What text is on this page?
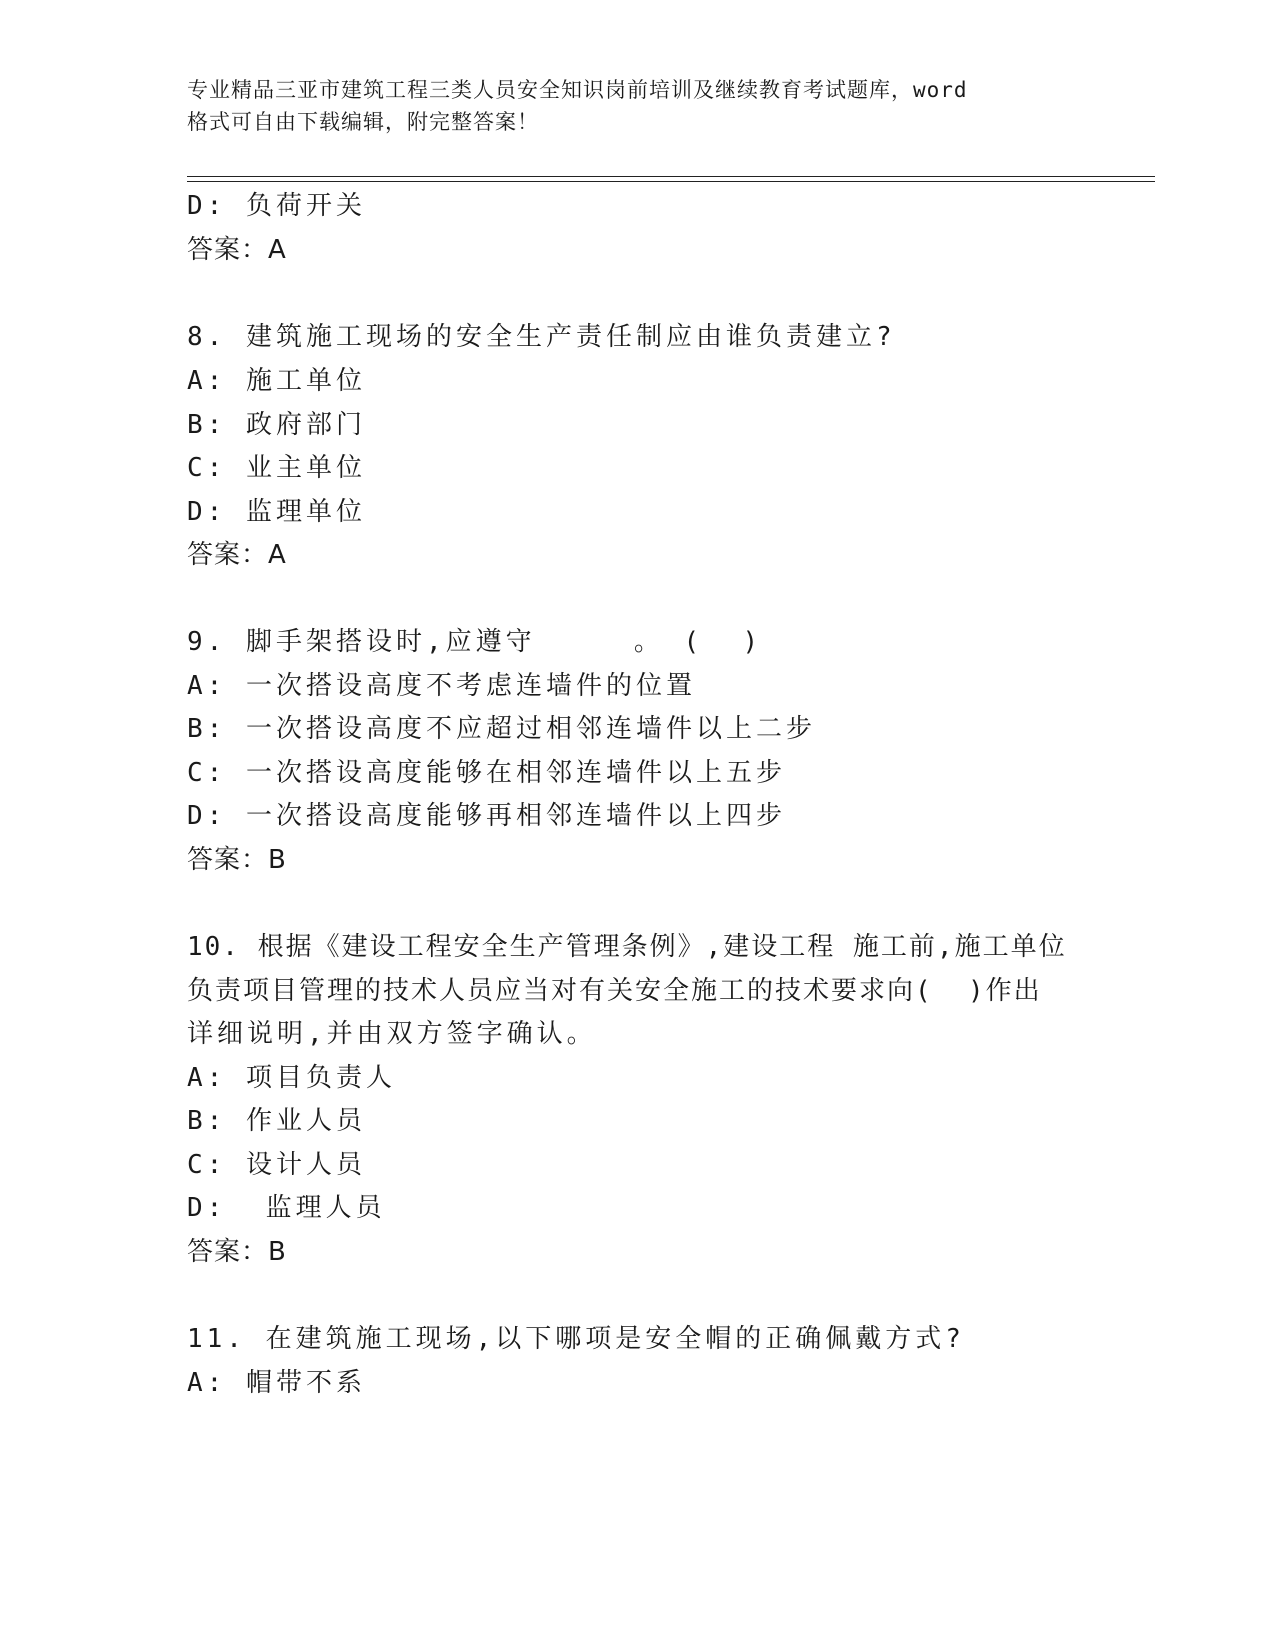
专业精品三亚市建筑工程三类人员安全知识岗前培训及继续教育考试题库，word
格式可自由下载编辑，附完整答案！
D: 负荷开关
答案：A
8. 建筑施工现场的安全生产责任制应由谁负责建立?
A: 施工单位
B: 政府部门
C: 业主单位
D: 监理单位
答案：A
9. 脚手架搭设时,应遵守     。 (  )
A: 一次搭设高度不考虑连墙件的位置
B: 一次搭设高度不应超过相邻连墙件以上二步
C: 一次搭设高度能够在相邻连墙件以上五步
D: 一次搭设高度能够再相邻连墙件以上四步
答案：B
10. 根据《建设工程安全生产管理条例》,建设工程 施工前,施工单位
负责项目管理的技术人员应当对有关安全施工的技术要求向(  )作出
详细说明,并由双方签字确认。
A: 项目负责人
B: 作业人员
C: 设计人员
D:  监理人员
答案：B
11. 在建筑施工现场,以下哪项是安全帽的正确佩戴方式?
A: 帽带不系
